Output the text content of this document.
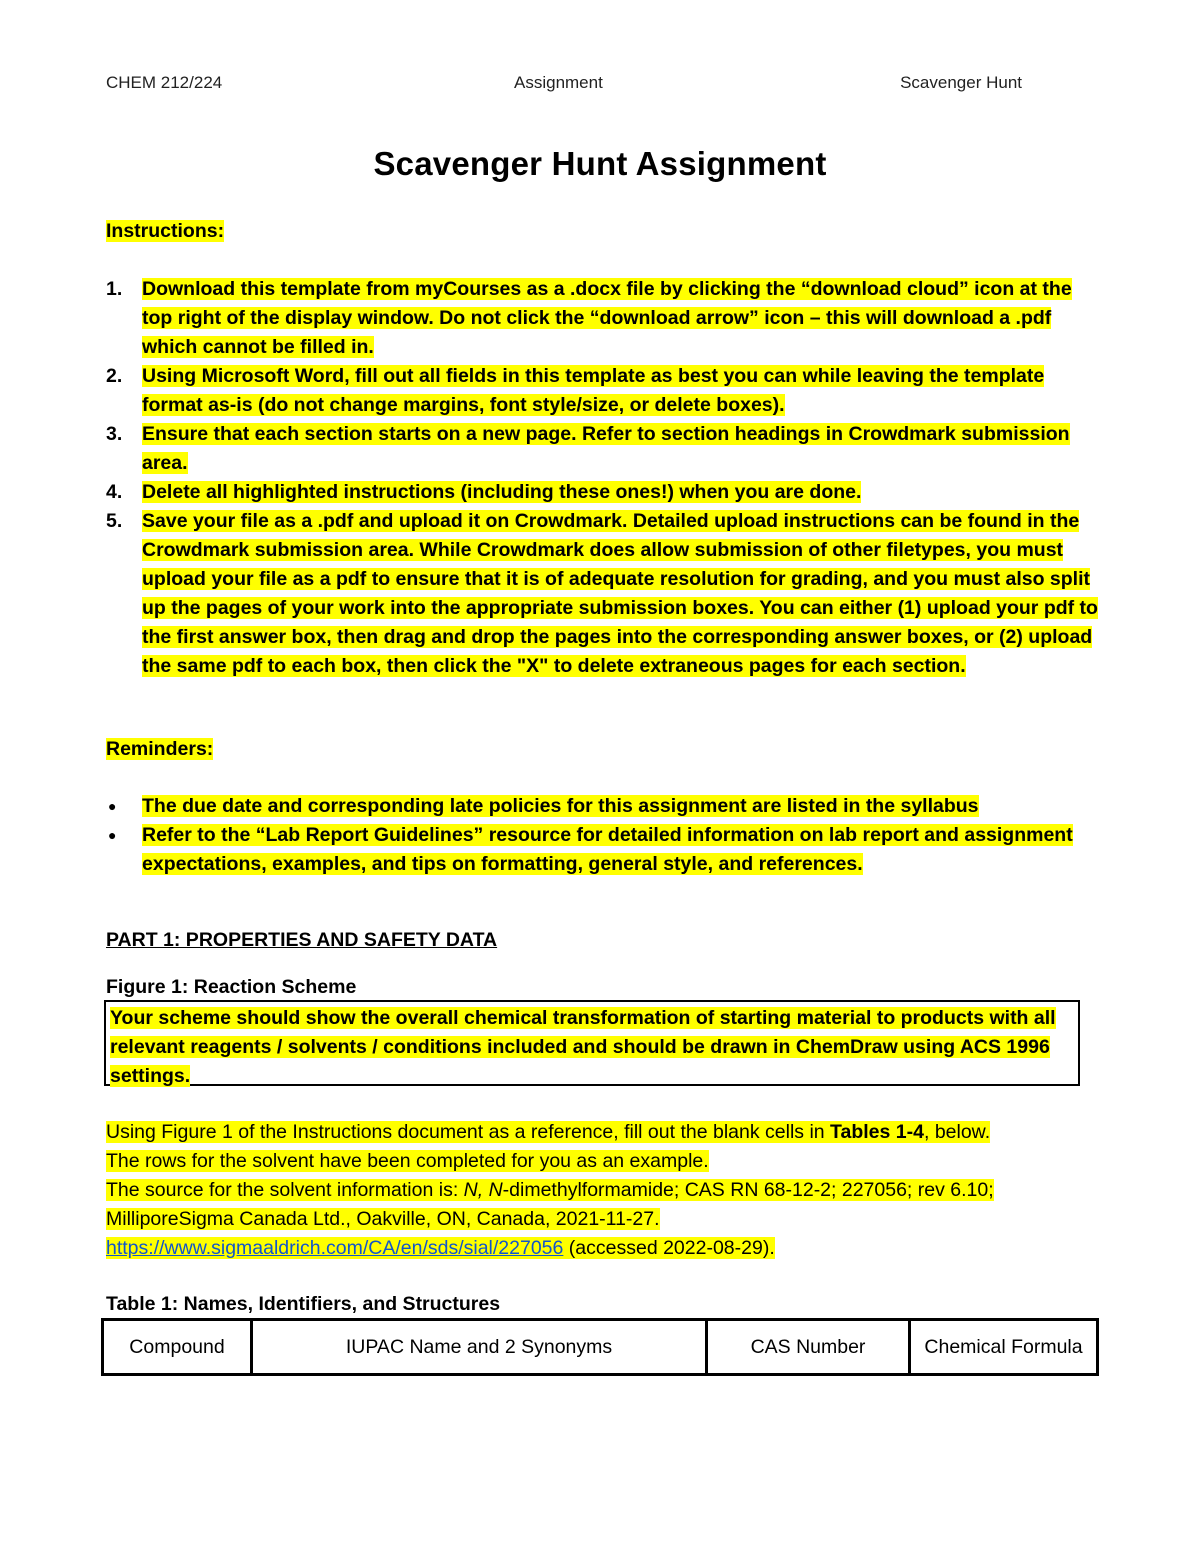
CHEM 212/224	Assignment	Scavenger Hunt
Scavenger Hunt Assignment
Instructions:
1. Download this template from myCourses as a .docx file by clicking the “download cloud” icon at the top right of the display window. Do not click the “download arrow” icon – this will download a .pdf which cannot be filled in.
2. Using Microsoft Word, fill out all fields in this template as best you can while leaving the template format as-is (do not change margins, font style/size, or delete boxes).
3. Ensure that each section starts on a new page. Refer to section headings in Crowdmark submission area.
4. Delete all highlighted instructions (including these ones!) when you are done.
5. Save your file as a .pdf and upload it on Crowdmark. Detailed upload instructions can be found in the Crowdmark submission area. While Crowdmark does allow submission of other filetypes, you must upload your file as a pdf to ensure that it is of adequate resolution for grading, and you must also split up the pages of your work into the appropriate submission boxes. You can either (1) upload your pdf to the first answer box, then drag and drop the pages into the corresponding answer boxes, or (2) upload the same pdf to each box, then click the "X" to delete extraneous pages for each section.
Reminders:
● The due date and corresponding late policies for this assignment are listed in the syllabus
● Refer to the “Lab Report Guidelines” resource for detailed information on lab report and assignment expectations, examples, and tips on formatting, general style, and references.
PART 1: PROPERTIES AND SAFETY DATA
Figure 1: Reaction Scheme
Your scheme should show the overall chemical transformation of starting material to products with all relevant reagents / solvents / conditions included and should be drawn in ChemDraw using ACS 1996 settings.
Using Figure 1 of the Instructions document as a reference, fill out the blank cells in Tables 1-4, below.
The rows for the solvent have been completed for you as an example.
The source for the solvent information is: N, N-dimethylformamide; CAS RN 68-12-2; 227056; rev 6.10;
MilliporeSigma Canada Ltd., Oakville, ON, Canada, 2021-11-27.
https://www.sigmaaldrich.com/CA/en/sds/sial/227056 (accessed 2022-08-29).
Table 1: Names, Identifiers, and Structures
Compound	IUPAC Name and 2 Synonyms	CAS Number	Chemical Formula
